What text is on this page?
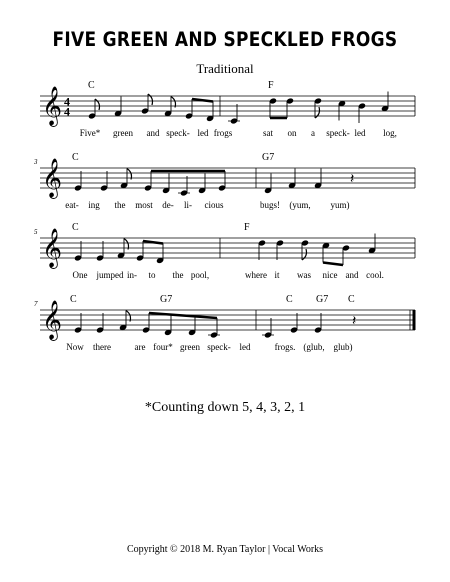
FIVE GREEN AND SPECKLED FROGS
Traditional
𝄞 4
4
C	F
Five* green and speck- led frogs	sat on a speck- led log,
𝄞
3	C	G7
eat- ing the most de- li- cious	bugs! (yum, yum)
𝄽
𝄞
5	C	F
One jumped in- to the pool,	where it was nice and cool.
𝄞
7	C	G7	C G7 C
Now there	are four* green speck- led	frogs. (glub, glub)
𝄽
*Counting down 5, 4, 3, 2, 1
Copyright © 2018 M. Ryan Taylor | Vocal Works
